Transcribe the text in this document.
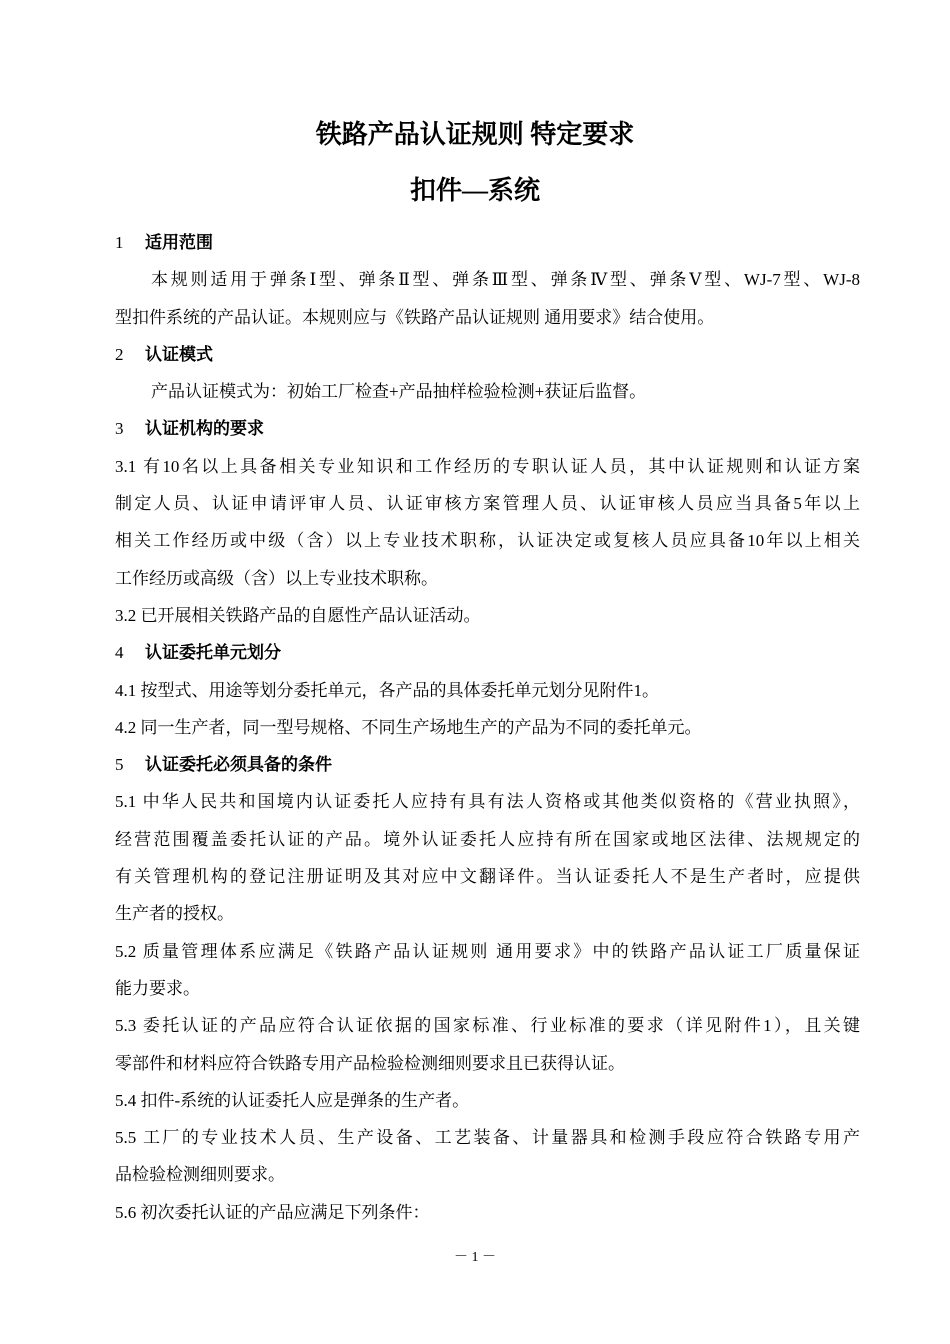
铁路产品认证规则 特定要求
扣件—系统
1 适用范围
本规则适用于弹条Ⅰ型、弹条Ⅱ型、弹条Ⅲ型、弹条Ⅳ型、弹条Ⅴ型、WJ-7型、WJ-8
型扣件系统的产品认证。本规则应与《铁路产品认证规则 通用要求》结合使用。
2 认证模式
产品认证模式为：初始工厂检查+产品抽样检验检测+获证后监督。
3 认证机构的要求
3.1 有10名以上具备相关专业知识和工作经历的专职认证人员，其中认证规则和认证方案
制定人员、认证申请评审人员、认证审核方案管理人员、认证审核人员应当具备5年以上
相关工作经历或中级（含）以上专业技术职称，认证决定或复核人员应具备10年以上相关
工作经历或高级（含）以上专业技术职称。
3.2 已开展相关铁路产品的自愿性产品认证活动。
4 认证委托单元划分
4.1 按型式、用途等划分委托单元，各产品的具体委托单元划分见附件1。
4.2 同一生产者，同一型号规格、不同生产场地生产的产品为不同的委托单元。
5 认证委托必须具备的条件
5.1 中华人民共和国境内认证委托人应持有具有法人资格或其他类似资格的《营业执照》，
经营范围覆盖委托认证的产品。境外认证委托人应持有所在国家或地区法律、法规规定的
有关管理机构的登记注册证明及其对应中文翻译件。当认证委托人不是生产者时，应提供
生产者的授权。
5.2 质量管理体系应满足《铁路产品认证规则 通用要求》中的铁路产品认证工厂质量保证
能力要求。
5.3 委托认证的产品应符合认证依据的国家标准、行业标准的要求（详见附件1），且关键
零部件和材料应符合铁路专用产品检验检测细则要求且已获得认证。
5.4 扣件-系统的认证委托人应是弹条的生产者。
5.5 工厂的专业技术人员、生产设备、工艺装备、计量器具和检测手段应符合铁路专用产
品检验检测细则要求。
5.6 初次委托认证的产品应满足下列条件：
－ 1 －
